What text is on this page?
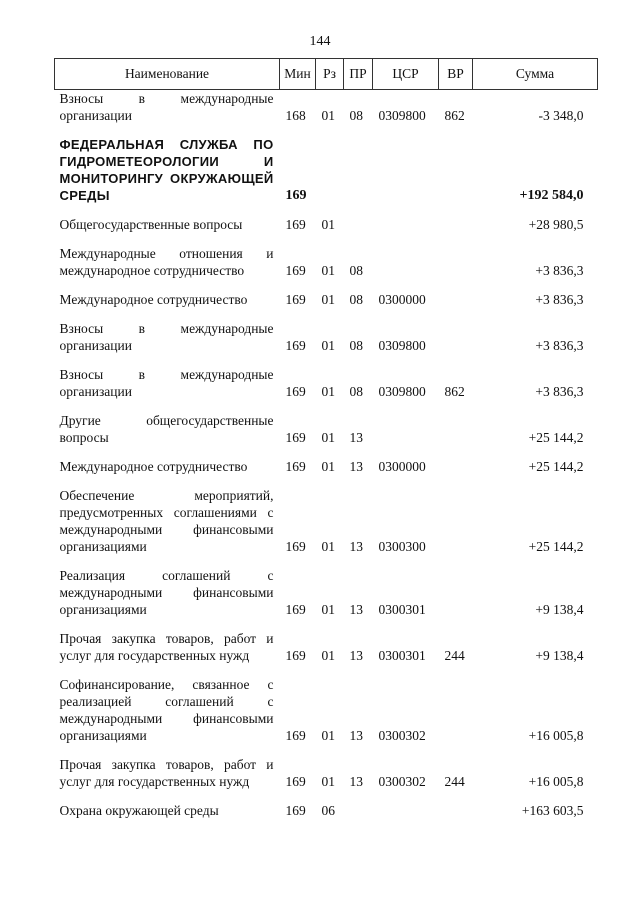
144
Наименование	Мин	Рз	ПР	ЦСР	ВР	Сумма
Взносы в международные организации	168	01	08	0309800	862	-3 348,0
ФЕДЕРАЛЬНАЯ СЛУЖБА ПО ГИДРОМЕТЕОРОЛОГИИ И МОНИТОРИНГУ ОКРУЖАЮЩЕЙ СРЕДЫ	169					+192 584,0
Общегосударственные вопросы	169	01				+28 980,5
Международные отношения и международное сотрудничество	169	01	08			+3 836,3
Международное сотрудничество	169	01	08	0300000		+3 836,3
Взносы в международные организации	169	01	08	0309800		+3 836,3
Взносы в международные организации	169	01	08	0309800	862	+3 836,3
Другие общегосударственные вопросы	169	01	13			+25 144,2
Международное сотрудничество	169	01	13	0300000		+25 144,2
Обеспечение мероприятий, предусмотренных соглашениями с международными финансовыми организациями	169	01	13	0300300		+25 144,2
Реализация соглашений с международными финансовыми организациями	169	01	13	0300301		+9 138,4
Прочая закупка товаров, работ и услуг для государственных нужд	169	01	13	0300301	244	+9 138,4
Софинансирование, связанное с реализацией соглашений с международными финансовыми организациями	169	01	13	0300302		+16 005,8
Прочая закупка товаров, работ и услуг для государственных нужд	169	01	13	0300302	244	+16 005,8
Охрана окружающей среды	169	06				+163 603,5
